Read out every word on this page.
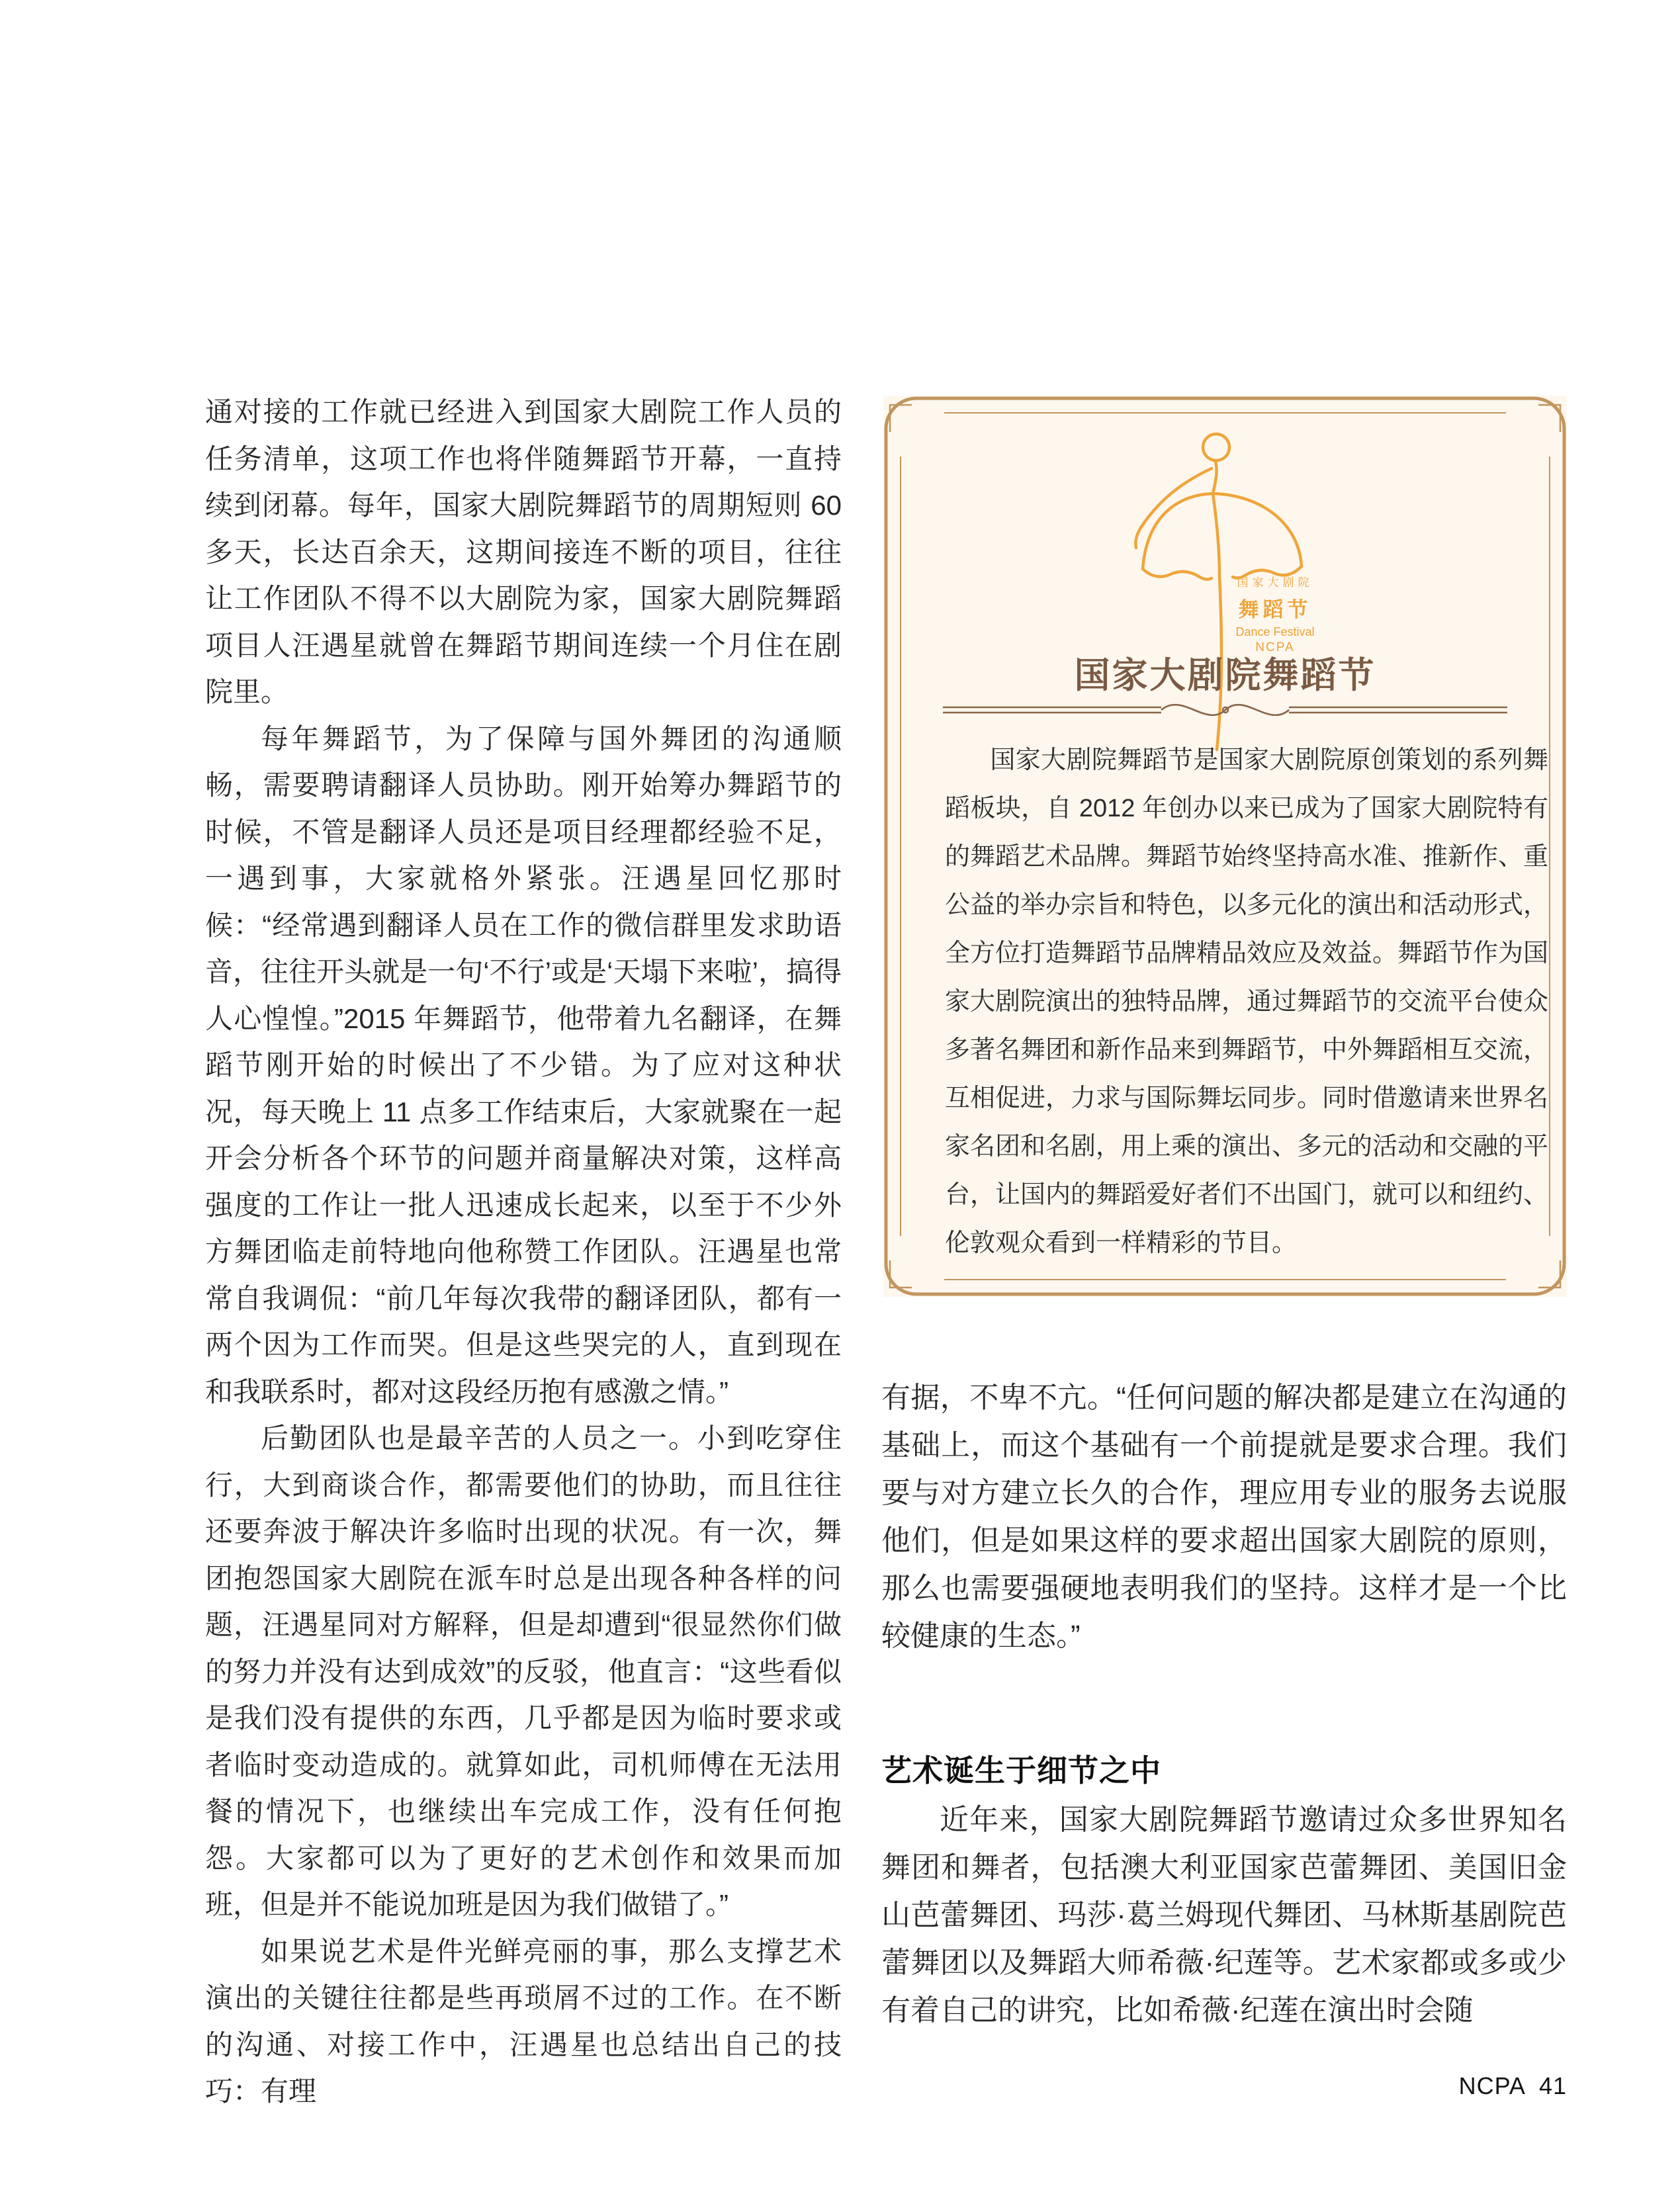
通对接的工作就已经进入到国家大剧院工作人员的任务清单，这项工作也将伴随舞蹈节开幕，一直持续到闭幕。每年，国家大剧院舞蹈节的周期短则 60 多天，长达百余天，这期间接连不断的项目，往往让工作团队不得不以大剧院为家，国家大剧院舞蹈项目人汪遇星就曾在舞蹈节期间连续一个月住在剧院里。

每年舞蹈节，为了保障与国外舞团的沟通顺畅，需要聘请翻译人员协助。刚开始筹办舞蹈节的时候，不管是翻译人员还是项目经理都经验不足，一遇到事，大家就格外紧张。汪遇星回忆那时候：“经常遇到翻译人员在工作的微信群里发求助语音，往往开头就是一句‘不行’或是‘天塌下来啦’，搞得人心惶惶。”2015 年舞蹈节，他带着九名翻译，在舞蹈节刚开始的时候出了不少错。为了应对这种状况，每天晚上 11 点多工作结束后，大家就聚在一起开会分析各个环节的问题并商量解决对策，这样高强度的工作让一批人迅速成长起来，以至于不少外方舞团临走前特地向他称赞工作团队。汪遇星也常常自我调侃：“前几年每次我带的翻译团队，都有一两个因为工作而哭。但是这些哭完的人，直到现在和我联系时，都对这段经历抱有感激之情。”

后勤团队也是最辛苦的人员之一。小到吃穿住行，大到商谈合作，都需要他们的协助，而且往往还要奔波于解决许多临时出现的状况。有一次，舞团抱怨国家大剧院在派车时总是出现各种各样的问题，汪遇星同对方解释，但是却遭到“很显然你们做的努力并没有达到成效”的反驳，他直言：“这些看似是我们没有提供的东西，几乎都是因为临时要求或者临时变动造成的。就算如此，司机师傅在无法用餐的情况下，也继续出车完成工作，没有任何抱怨。大家都可以为了更好的艺术创作和效果而加班，但是并不能说加班是因为我们做错了。”

如果说艺术是件光鲜亮丽的事，那么支撑艺术演出的关键往往都是些再琐屑不过的工作。在不断的沟通、对接工作中，汪遇星也总结出自己的技巧：有理

国家大剧院
舞蹈节
Dance Festival
NCPA
国家大剧院舞蹈节

国家大剧院舞蹈节是国家大剧院原创策划的系列舞蹈板块，自 2012 年创办以来已成为了国家大剧院特有的舞蹈艺术品牌。舞蹈节始终坚持高水准、推新作、重公益的举办宗旨和特色，以多元化的演出和活动形式，全方位打造舞蹈节品牌精品效应及效益。舞蹈节作为国家大剧院演出的独特品牌，通过舞蹈节的交流平台使众多著名舞团和新作品来到舞蹈节，中外舞蹈相互交流，互相促进，力求与国际舞坛同步。同时借邀请来世界名家名团和名剧，用上乘的演出、多元的活动和交融的平台，让国内的舞蹈爱好者们不出国门，就可以和纽约、伦敦观众看到一样精彩的节目。

有据，不卑不亢。“任何问题的解决都是建立在沟通的基础上，而这个基础有一个前提就是要求合理。我们要与对方建立长久的合作，理应用专业的服务去说服他们，但是如果这样的要求超出国家大剧院的原则，那么也需要强硬地表明我们的坚持。这样才是一个比较健康的生态。”

艺术诞生于细节之中

近年来，国家大剧院舞蹈节邀请过众多世界知名舞团和舞者，包括澳大利亚国家芭蕾舞团、美国旧金山芭蕾舞团、玛莎·葛兰姆现代舞团、马林斯基剧院芭蕾舞团以及舞蹈大师希薇·纪莲等。艺术家都或多或少有着自己的讲究，比如希薇·纪莲在演出时会随

NCPA 41
